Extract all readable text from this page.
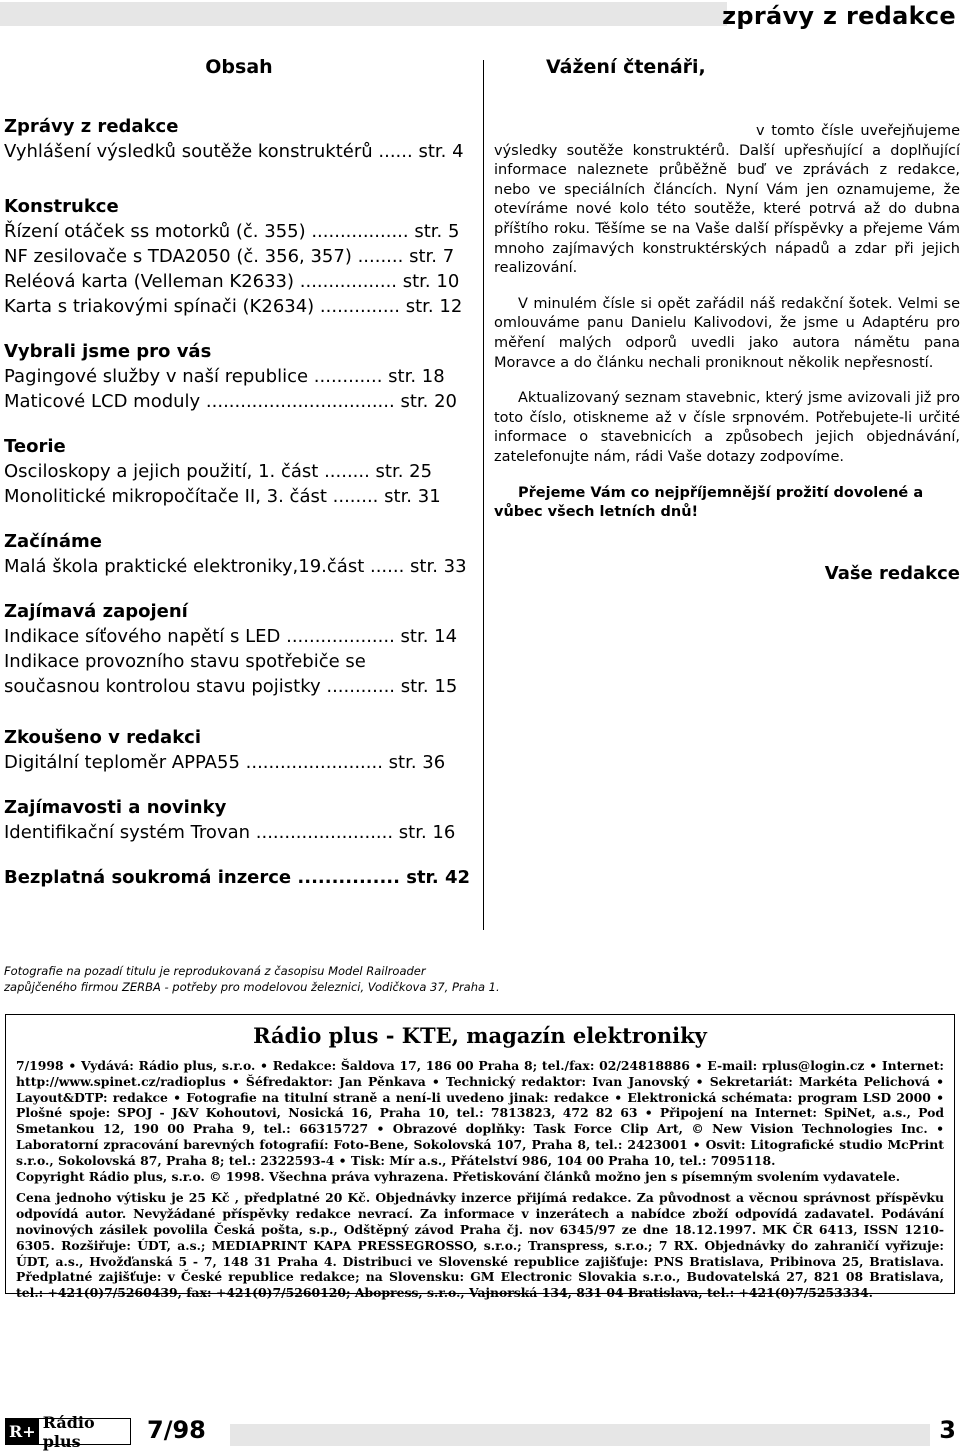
zprávy z redakce
Obsah
Zprávy z redakce
Vyhlášení výsledků soutěže konstruktérů ...... str. 4
Konstrukce
Řízení otáček ss motorků (č. 355) ................. str. 5
NF zesilovače s TDA2050 (č. 356, 357) ........ str. 7
Reléová karta (Velleman K2633) ................. str. 10
Karta s triakovými spínači (K2634) .............. str. 12
Vybrali jsme pro vás
Pagingové služby v naší republice ............ str. 18
Maticové LCD moduly ................................. str. 20
Teorie
Osciloskopy a jejich použití, 1. část ........ str. 25
Monolitické mikropočítače II, 3. část ........ str. 31
Začínáme
Malá škola praktické elektroniky,19.část ...... str. 33
Zajímavá zapojení
Indikace síťového napětí s LED ................... str. 14
Indikace provozního stavu spotřebiče se
současnou kontrolou stavu pojistky ............ str. 15
Zkoušeno v redakci
Digitální teploměr APPA55 ........................ str. 36
Zajímavosti a novinky
Identifikační systém Trovan ........................ str. 16
Bezplatná soukromá inzerce ............... str. 42
Vážení čtenáři,

v tomto čísle uveřejňujeme výsledky soutěže konstruktérů. Další upřesňující a doplňující informace naleznete průběžně buď ve zprávách z redakce, nebo ve speciálních článcích. Nyní Vám jen oznamujeme, že otevíráme nové kolo této soutěže, které potrvá až do dubna příštího roku. Těšíme se na Vaše další příspěvky a přejeme Vám mnoho zajímavých konstruktérských nápadů a zdar při jejich realizování.

V minulém čísle si opět zařádil náš redakční šotek. Velmi se omlouváme panu Danielu Kalivodovi, že jsme u Adaptéru pro měření malých odporů uvedli jako autora námětu pana Moravce a do článku nechali proniknout několik nepřesností.

Aktualizovaný seznam stavebnic, který jsme avizovali již pro toto číslo, otiskneme až v čísle srpnovém. Potřebujete-li určité informace o stavebnicích a způsobech jejich objednávání, zatelefonujte nám, rádi Vaše dotazy zodpovíme.

Přejeme Vám co nejpříjemnější prožití dovolené a vůbec všech letních dnů!

Vaše redakce
Fotografie na pozadí titulu je reprodukovaná z časopisu Model Railroader
zapůjčeného firmou ZERBA - potřeby pro modelovou železnici, Vodičkova 37, Praha 1.
Rádio plus - KTE, magazín elektroniky

7/1998 • Vydává: Rádio plus, s.r.o. • Redakce: Šaldova 17, 186 00 Praha 8; tel./fax: 02/24818886 • E-mail: rplus@login.cz • Internet: http://www.spinet.cz/radioplus • Šéfredaktor: Jan Pěnkava • Technický redaktor: Ivan Janovský • Sekretariát: Markéta Pelichová • Layout&DTP: redakce • Fotografie na titulní straně a není-li uvedeno jinak: redakce • Elektronická schémata: program LSD 2000 • Plošné spoje: SPOJ - J&V Kohoutovi, Nosická 16, Praha 10, tel.: 7813823, 472 82 63 • Připojení na Internet: SpiNet, a.s., Pod Smetankou 12, 190 00 Praha 9, tel.: 66315727 • Obrazové doplňky: Task Force Clip Art, © New Vision Technologies Inc. • Laboratorní zpracování barevných fotografií: Foto-Bene, Sokolovská 107, Praha 8, tel.: 2423001 • Osvit: Litografické studio McPrint s.r.o., Sokolovská 87, Praha 8; tel.: 2322593-4 • Tisk: Mír a.s., Přátelství 986, 104 00 Praha 10, tel.: 7095118.

Copyright Rádio plus, s.r.o. © 1998. Všechna práva vyhrazena. Přetiskování článků možno jen s písemným svolením vydavatele.

Cena jednoho výtisku je 25 Kč , předplatné 20 Kč. Objednávky inzerce přijímá redakce. Za původnost a věcnou správnost příspěvku odpovídá autor. Nevyžádané příspěvky redakce nevrací. Za informace v inzerátech a nabídce zboží odpovídá zadavatel. Podávání novinových zásilek povolila Česká pošta, s.p., Odštěpný závod Praha čj. nov 6345/97 ze dne 18.12.1997. MK ČR 6413, ISSN 1210-6305. Rozšiřuje: ÚDT, a.s.; MEDIAPRINT KAPA PRESSEGROSSO, s.r.o.; Transpress, s.r.o.; 7 RX. Objednávky do zahraničí vyřizuje: ÚDT, a.s., Hvožďanská 5 - 7, 148 31 Praha 4. Distribuci ve Slovenské republice zajišťuje: PNS Bratislava, Pribinova 25, Bratislava. Předplatné zajišťuje: v České republice redakce; na Slovensku: GM Electronic Slovakia s.r.o., Budovatelská 27, 821 08 Bratislava, tel.: +421(0)7/5260439, fax: +421(0)7/5260120; Abopress, s.r.o., Vajnorská 134, 831 04 Bratislava, tel.: +421(0)7/5253334.

R+ Rádio plus	7/98	3
